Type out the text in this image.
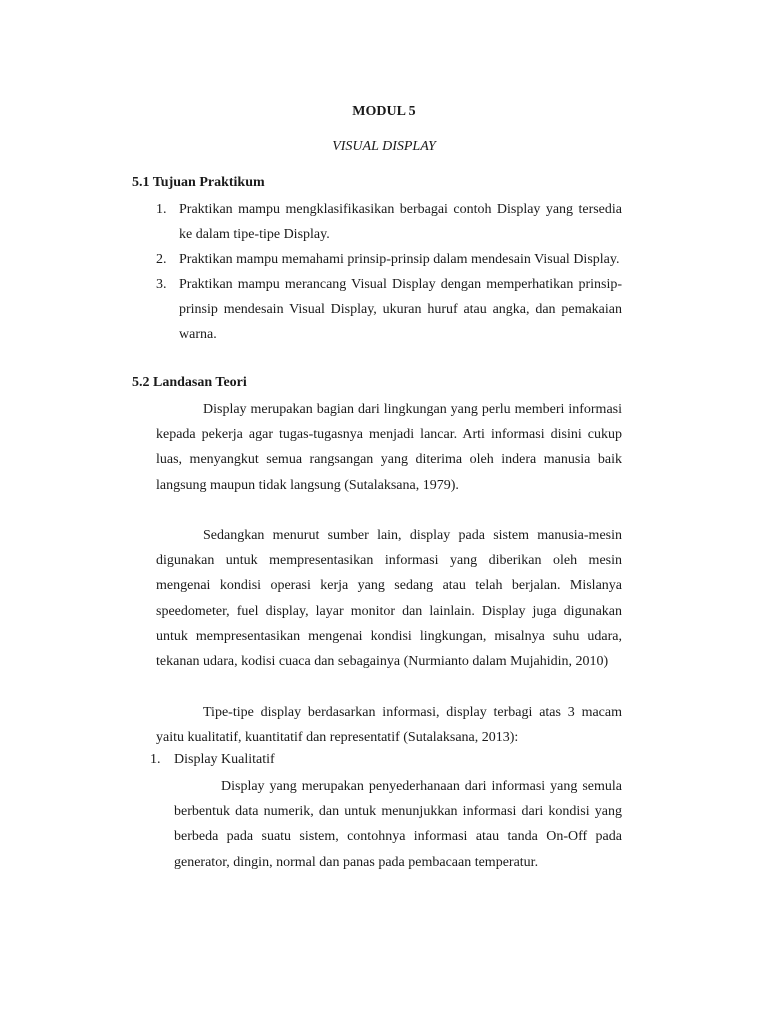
MODUL 5
VISUAL DISPLAY
5.1 Tujuan Praktikum
1. Praktikan mampu mengklasifikasikan berbagai contoh Display yang tersedia ke dalam tipe-tipe Display.
2. Praktikan mampu memahami prinsip-prinsip dalam mendesain Visual Display.
3. Praktikan mampu merancang Visual Display dengan memperhatikan prinsip-prinsip mendesain Visual Display, ukuran huruf atau angka, dan pemakaian warna.
5.2 Landasan Teori

Display merupakan bagian dari lingkungan yang perlu memberi informasi kepada pekerja agar tugas-tugasnya menjadi lancar. Arti informasi disini cukup luas, menyangkut semua rangsangan yang diterima oleh indera manusia baik langsung maupun tidak langsung (Sutalaksana, 1979).

Sedangkan menurut sumber lain, display pada sistem manusia-mesin digunakan untuk mempresentasikan informasi yang diberikan oleh mesin mengenai kondisi operasi kerja yang sedang atau telah berjalan. Mislanya speedometer, fuel display, layar monitor dan lainlain. Display juga digunakan untuk mempresentasikan mengenai kondisi lingkungan, misalnya suhu udara, tekanan udara, kodisi cuaca dan sebagainya (Nurmianto dalam Mujahidin, 2010)

Tipe-tipe display berdasarkan informasi, display terbagi atas 3 macam yaitu kualitatif, kuantitatif dan representatif (Sutalaksana, 2013):

1. Display Kualitatif

Display yang merupakan penyederhanaan dari informasi yang semula berbentuk data numerik, dan untuk menunjukkan informasi dari kondisi yang berbeda pada suatu sistem, contohnya informasi atau tanda On-Off pada generator, dingin, normal dan panas pada pembacaan temperatur.
